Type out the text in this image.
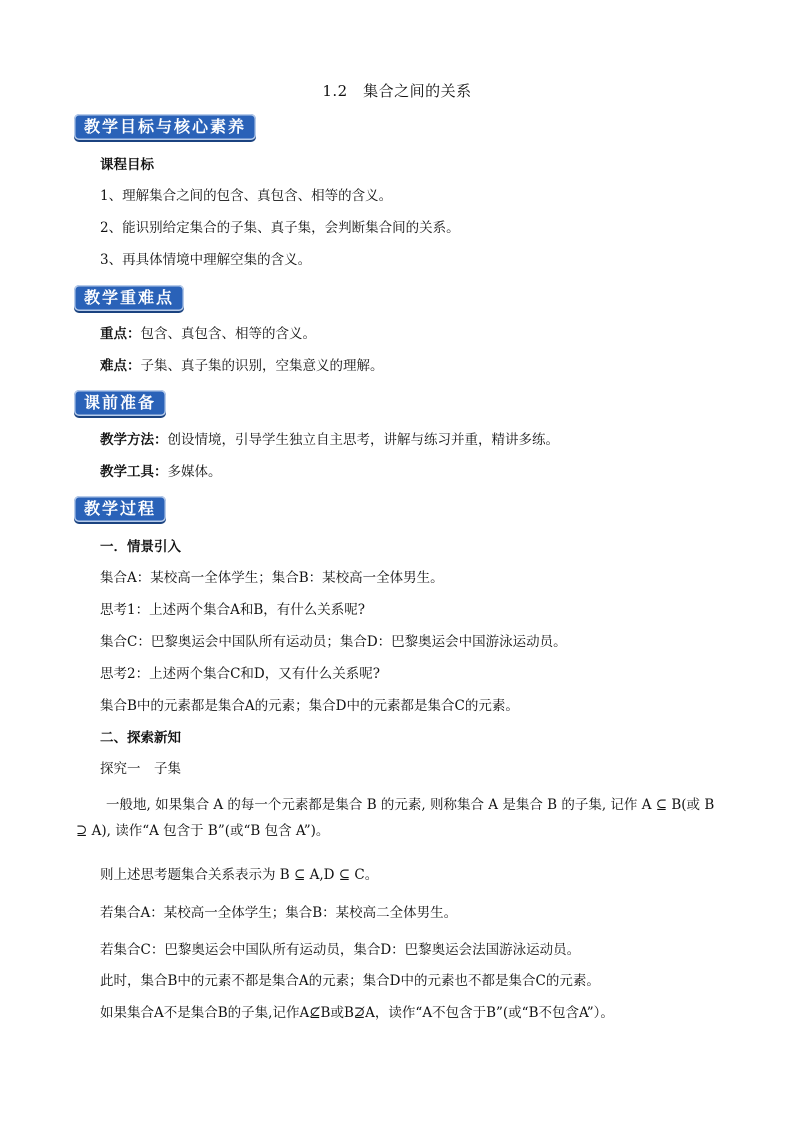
1.2　集合之间的关系
教学目标与核心素养
课程目标
1、理解集合之间的包含、真包含、相等的含义。
2、能识别给定集合的子集、真子集，会判断集合间的关系。
3、再具体情境中理解空集的含义。
教学重难点
重点：包含、真包含、相等的含义。
难点：子集、真子集的识别，空集意义的理解。
课前准备
教学方法：创设情境，引导学生独立自主思考，讲解与练习并重，精讲多练。
教学工具：多媒体。
教学过程
一．情景引入
集合A：某校高一全体学生；集合B：某校高一全体男生。
思考1：上述两个集合A和B，有什么关系呢?
集合C：巴黎奥运会中国队所有运动员；集合D：巴黎奥运会中国游泳运动员。
思考2：上述两个集合C和D，又有什么关系呢?
集合B中的元素都是集合A的元素；集合D中的元素都是集合C的元素。
二、探索新知
探究一　子集
一般地, 如果集合 A 的每一个元素都是集合 B 的元素, 则称集合 A 是集合 B 的子集, 记作 A ⊆ B(或 B ⊇ A), 读作“A 包含于 B”(或“B 包含 A”)。
则上述思考题集合关系表示为 B ⊆ A,D ⊆ C。
若集合A：某校高一全体学生；集合B：某校高二全体男生。
若集合C：巴黎奥运会中国队所有运动员，集合D：巴黎奥运会法国游泳运动员。
此时，集合B中的元素不都是集合A的元素；集合D中的元素也不都是集合C的元素。
如果集合A不是集合B的子集,记作A⊈B或B⊉A，读作“A不包含于B”(或“B不包含A”）。
